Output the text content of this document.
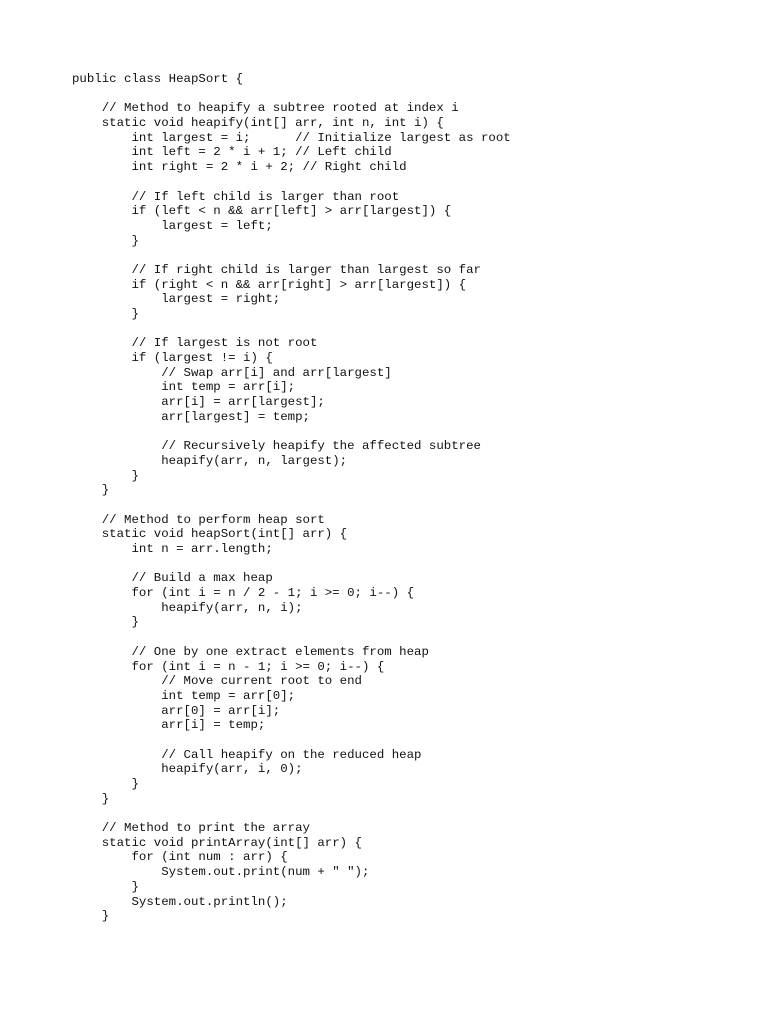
public class HeapSort {
// Method to heapify a subtree rooted at index i
static void heapify(int[] arr, int n, int i) {
int largest = i;      // Initialize largest as root
int left = 2 * i + 1; // Left child
int right = 2 * i + 2; // Right child
// If left child is larger than root
if (left < n && arr[left] > arr[largest]) {
largest = left;
}
// If right child is larger than largest so far
if (right < n && arr[right] > arr[largest]) {
largest = right;
}
// If largest is not root
if (largest != i) {
// Swap arr[i] and arr[largest]
int temp = arr[i];
arr[i] = arr[largest];
arr[largest] = temp;
// Recursively heapify the affected subtree
heapify(arr, n, largest);
}
}
// Method to perform heap sort
static void heapSort(int[] arr) {
int n = arr.length;
// Build a max heap
for (int i = n / 2 - 1; i >= 0; i--) {
heapify(arr, n, i);
}
// One by one extract elements from heap
for (int i = n - 1; i >= 0; i--) {
// Move current root to end
int temp = arr[0];
arr[0] = arr[i];
arr[i] = temp;
// Call heapify on the reduced heap
heapify(arr, i, 0);
}
}
// Method to print the array
static void printArray(int[] arr) {
for (int num : arr) {
System.out.print(num + " ");
}
System.out.println();
}
